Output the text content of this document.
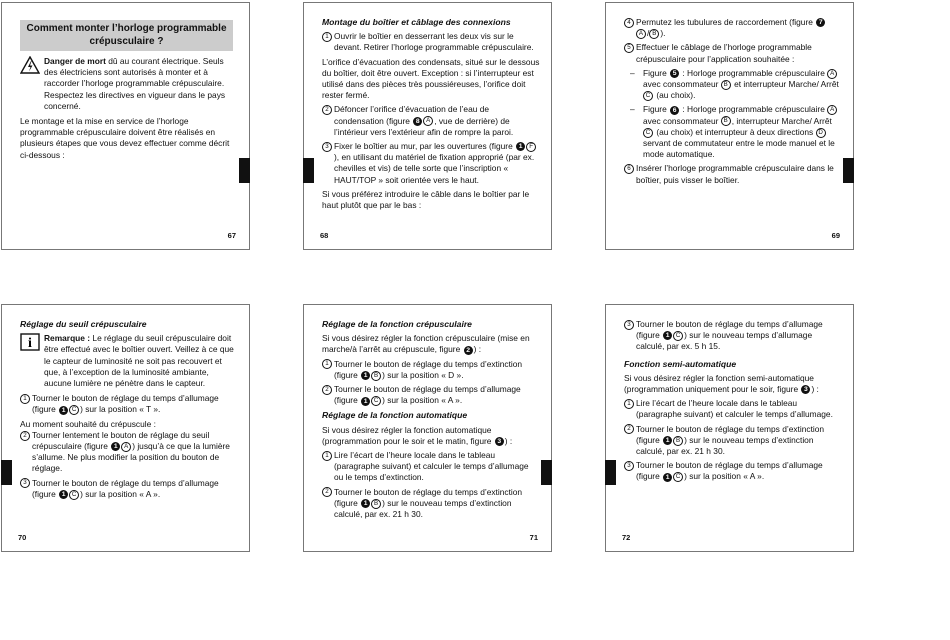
Comment monter l’horloge programmable crépusculaire ?
Danger de mort dû au courant électrique. Seuls des électriciens sont autorisés à monter et à raccorder l’horloge programmable crépusculaire. Respectez les directives en vigueur dans le pays concerné.

Le montage et la mise en service de l’horloge programmable crépusculaire doivent être réalisés en plusieurs étapes que vous devez effectuer comme décrit ci-dessous :

67
Montage du boîtier et câblage des connexions
1 Ouvrir le boîtier en desserrant les deux vis sur le devant. Retirer l’horloge programmable crépusculaire.

L’orifice d’évacuation des condensats, situé sur le dessous du boîtier, doit être ouvert. Exception : si l’interrupteur est utilisé dans des pièces très poussiéreuses, l’orifice doit rester fermé.

2 Défoncer l’orifice d’évacuation de l’eau de condensation (figure 8 A , vue de derrière) de l’intérieur vers l’extérieur afin de rompre la paroi.
3 Fixer le boîtier au mur, par les ouvertures (figure 1 F), en utilisant du matériel de fixation approprié (par ex. chevilles et vis) de telle sorte que l’inscription « HAUT/TOP » soit orientée vers le haut.

Si vous préférez introduire le câble dans le boîtier par le haut plutôt que par le bas :

68
4 Permutez les tubulures de raccordement (figure 7
A / B ).
5 Effectuer le câblage de l’horloge programmable crépusculaire pour l’application souhaitée :
– Figure 5 : Horloge programmable crépusculaire A avec consommateur B et interrupteur Marche/ Arrêt C (au choix).
– Figure 6 : Horloge programmable crépusculaire A avec consommateur B , interrupteur Marche/ Arrêt C (au choix) et interrupteur à deux directions D servant de commutateur entre le mode manuel et le mode automatique.
6 Insérer l’horloge programmable crépusculaire dans le boîtier, puis visser le boîtier.
69
Réglage du seuil crépusculaire
i Remarque : Le réglage du seuil crépusculaire doit être effectué avec le boîtier ouvert. Veillez à ce que le capteur de luminosité ne soit pas recouvert et que, à l’exception de la luminosité ambiante, aucune lumière ne pénètre dans le capteur.
1 Tourner le bouton de réglage du temps d’allumage (figure 1 C ) sur la position « T ».

Au moment souhaité du crépuscule :

2 Tourner lentement le bouton de réglage du seuil crépusculaire (figure 1 A ) jusqu’à ce que la lumière s’allume. Ne plus modifier la position du bouton de réglage.
3 Tourner le bouton de réglage du temps d’allumage (figure 1 C ) sur la position « A ».
70
Réglage de la fonction crépusculaire

Si vous désirez régler la fonction crépusculaire (mise en marche/à l’arrêt au crépuscule, figure 2 ) :

1 Tourner le bouton de réglage du temps d’extinction (figure 1 B ) sur la position « D ».
2 Tourner le bouton de réglage du temps d’allumage (figure 1 C ) sur la position « A ».
Réglage de la fonction automatique

Si vous désirez régler la fonction automatique (programmation pour le soir et le matin, figure 3 ) :

1 Lire l’écart de l’heure locale dans le tableau (paragraphe suivant) et calculer le temps d’allumage ou le temps d’extinction.
2 Tourner le bouton de réglage du temps d’extinction (figure 1 B ) sur le nouveau temps d’extinction calculé, par ex. 21 h 30.
71
3 Tourner le bouton de réglage du temps d’allumage (figure 1 C ) sur le nouveau temps d’allumage calculé, par ex. 5 h 15.
Fonction semi-automatique

Si vous désirez régler la fonction semi-automatique (programmation uniquement pour le soir, figure 3 ) :

1 Lire l’écart de l’heure locale dans le tableau (paragraphe suivant) et calculer le temps d’allumage.
2 Tourner le bouton de réglage du temps d’extinction (figure 1 B ) sur le nouveau temps d’extinction calculé, par ex. 21 h 30.
3 Tourner le bouton de réglage du temps d’allumage (figure 1 C ) sur la position « A ».
72
